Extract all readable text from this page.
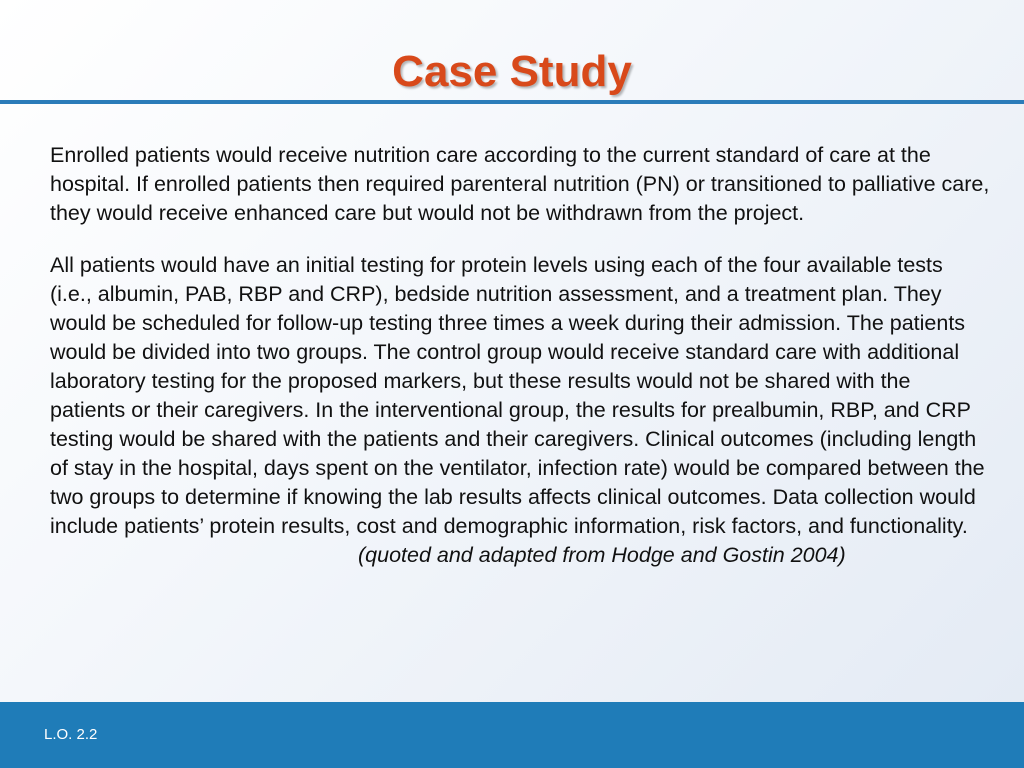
Case Study

Enrolled patients would receive nutrition care according to the current standard of care at the hospital. If enrolled patients then required parenteral nutrition (PN) or transitioned to palliative care, they would receive enhanced care but would not be withdrawn from the project.

All patients would have an initial testing for protein levels using each of the four available tests (i.e., albumin, PAB, RBP and CRP), bedside nutrition assessment, and a treatment plan. They would be scheduled for follow-up testing three times a week during their admission. The patients would be divided into two groups. The control group would receive standard care with additional laboratory testing for the proposed markers, but these results would not be shared with the patients or their caregivers. In the interventional group, the results for prealbumin, RBP, and CRP testing would be shared with the patients and their caregivers. Clinical outcomes (including length of stay in the hospital, days spent on the ventilator, infection rate) would be compared between the two groups to determine if knowing the lab results affects clinical outcomes. Data collection would include patients’ protein results, cost and demographic information, risk factors, and functionality.
(quoted and adapted from Hodge and Gostin 2004)

L.O. 2.2
